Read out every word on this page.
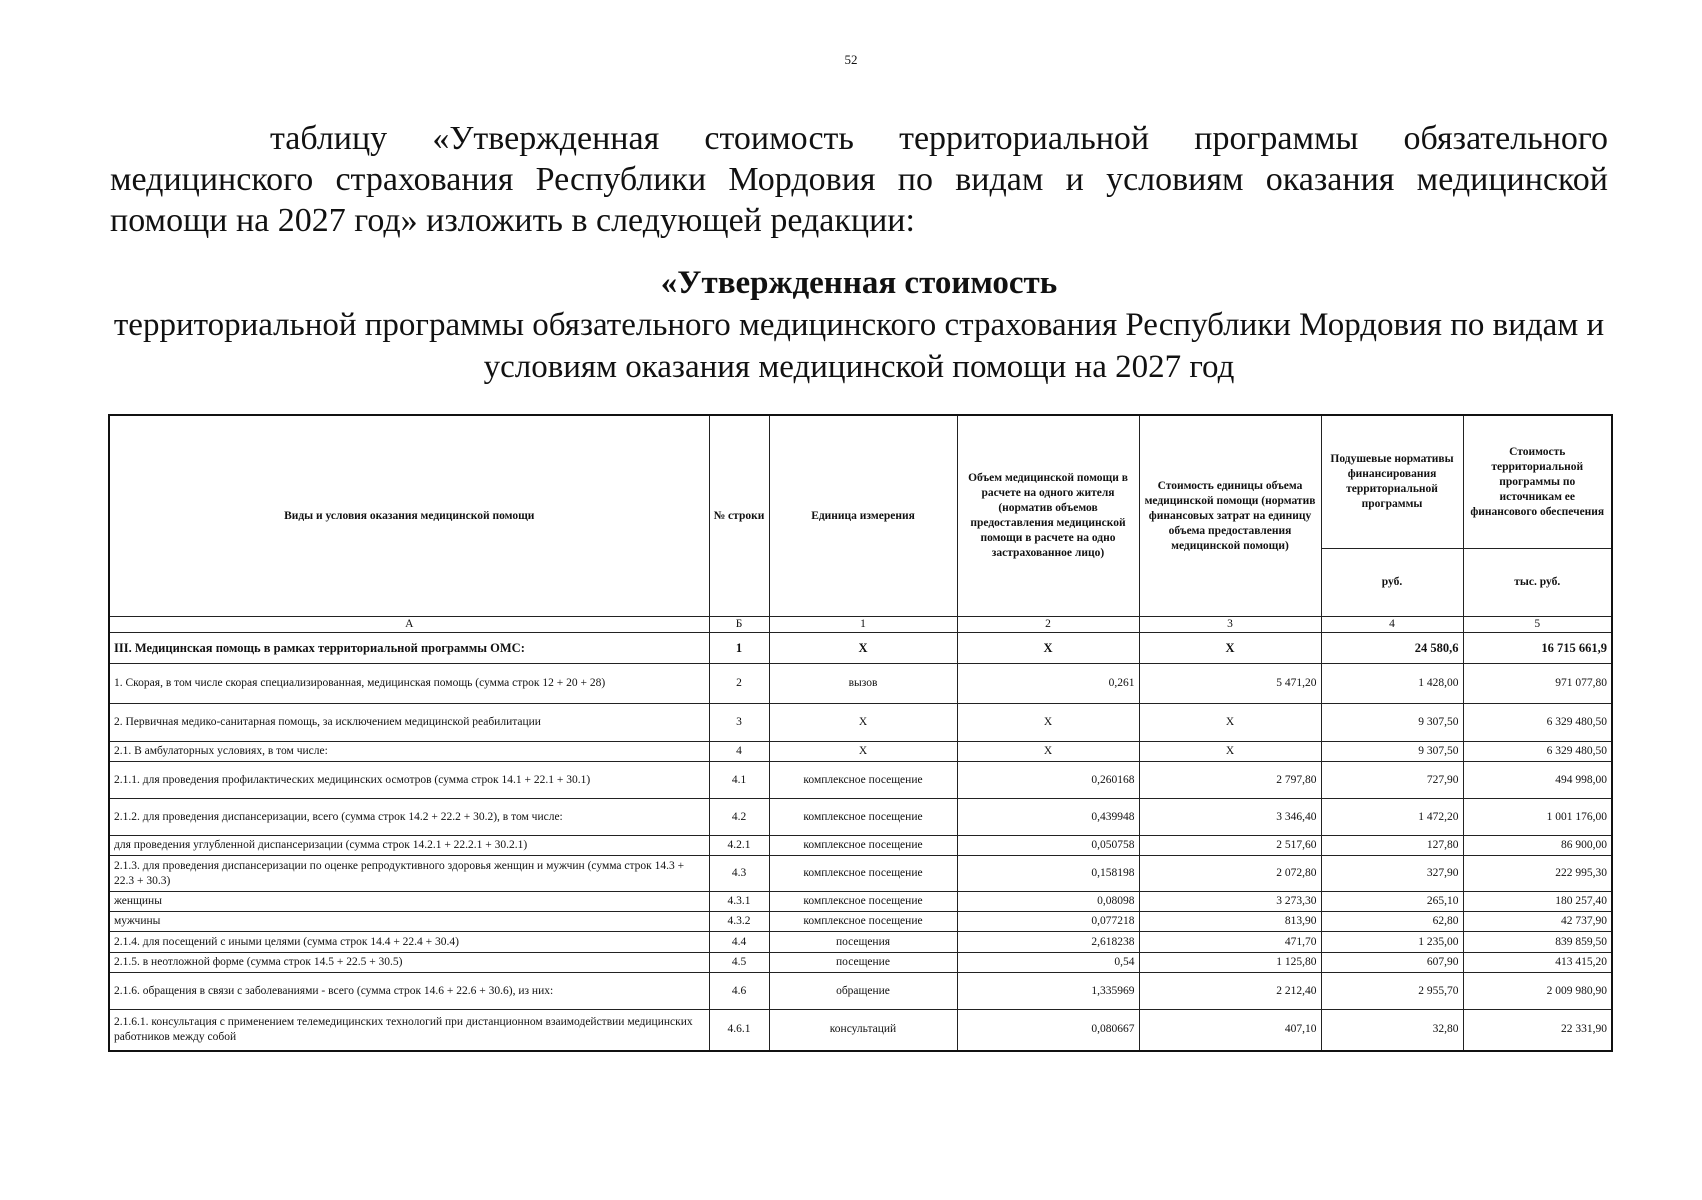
52
таблицу «Утвержденная стоимость территориальной программы обязательного медицинского страхования Республики Мордовия по видам и условиям оказания медицинской помощи на 2027 год» изложить в следующей редакции:
«Утвержденная стоимость
территориальной программы обязательного медицинского страхования Республики Мордовия по видам и условиям оказания медицинской помощи на 2027 год
Виды и условия оказания медицинской помощи	№ строки	Единица измерения	Объем медицинской помощи в расчете на одного жителя (норматив объемов предоставления медицинской помощи в расчете на одно застрахованное лицо)	Стоимость единицы объема медицинской помощи (норматив финансовых затрат на единицу объема предоставления медицинской помощи)	Подушевые нормативы финансирования территориальной программы	Стоимость территориальной программы по источникам ее финансового обеспечения
					руб.	тыс. руб.
А	Б	1	2	3	4	5
III. Медицинская помощь в рамках территориальной программы ОМС:	1	Х	Х	Х	24 580,6	16 715 661,9
1. Скорая, в том числе скорая специализированная, медицинская помощь (сумма строк 12 + 20 + 28)	2	вызов	0,261	5 471,20	1 428,00	971 077,80
2. Первичная медико-санитарная помощь, за исключением медицинской реабилитации	3	Х	Х	Х	9 307,50	6 329 480,50
2.1. В амбулаторных условиях, в том числе:	4	Х	Х	Х	9 307,50	6 329 480,50
2.1.1. для проведения профилактических медицинских осмотров (сумма строк 14.1 + 22.1 + 30.1)	4.1	комплексное посещение	0,260168	2 797,80	727,90	494 998,00
2.1.2. для проведения диспансеризации, всего (сумма строк 14.2 + 22.2 + 30.2), в том числе:	4.2	комплексное посещение	0,439948	3 346,40	1 472,20	1 001 176,00
для проведения углубленной диспансеризации (сумма строк 14.2.1 + 22.2.1 + 30.2.1)	4.2.1	комплексное посещение	0,050758	2 517,60	127,80	86 900,00
2.1.3. для проведения диспансеризации по оценке репродуктивного здоровья женщин и мужчин (сумма строк 14.3 + 22.3 + 30.3)	4.3	комплексное посещение	0,158198	2 072,80	327,90	222 995,30
женщины	4.3.1	комплексное посещение	0,08098	3 273,30	265,10	180 257,40
мужчины	4.3.2	комплексное посещение	0,077218	813,90	62,80	42 737,90
2.1.4. для посещений с иными целями (сумма строк 14.4 + 22.4 + 30.4)	4.4	посещения	2,618238	471,70	1 235,00	839 859,50
2.1.5. в неотложной форме (сумма строк 14.5 + 22.5 + 30.5)	4.5	посещение	0,54	1 125,80	607,90	413 415,20
2.1.6. обращения в связи с заболеваниями - всего (сумма строк 14.6 + 22.6 + 30.6), из них:	4.6	обращение	1,335969	2 212,40	2 955,70	2 009 980,90
2.1.6.1. консультация с применением телемедицинских технологий при дистанционном взаимодействии медицинских работников между собой	4.6.1	консультаций	0,080667	407,10	32,80	22 331,90
